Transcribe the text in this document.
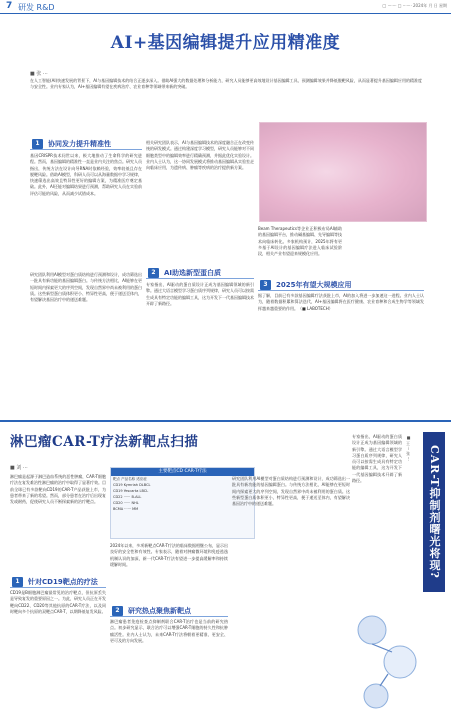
7 研发 R&D	□ ······· □ ······· 2024年 月 日 星期
AI+基因编辑提升应用精准度
■ 张 ···
在人工智能(AI)快速发展的背景下，AI与基因编辑技术的结合正逐步深入。借助AI强大的数据处理和分析能力，研究人员能够更高效地设计基因编辑工具、预测编辑效果并降低脱靶风险，从而显著提升基因编辑应用的精准度与安全性。业内专家认为，AI+基因编辑有望在疾病治疗、农业育种等领域带来新的突破。
1	协同发力提升精准性
基因CRISPR技术问世以来，极大地推动了生命科学的研究进程。然而，基因编辑的精准性一直是业内关注的焦点。研究人员指出，传统方法在设计向导RNA时依赖经验，效率较低且存在脱靶风险。借助AI模型，科研人员可以从海量数据中学习规律，快速筛选出高效且特异性更好的编辑方案，为精准医疗奠定基础。此外，AI还能对编辑结果进行预测，帮助研究人员在实验前评估可能的风险，从而减少试错成本。
相关研究团队表示，AI与基因编辑技术的深度融合正在改变传统的研发模式。通过构建深度学习模型，研究人员能够对不同细胞类型中的编辑效率进行精确预测，并据此优化实验设计。业内人士认为，这一协同发展模式将推动基因编辑从实验室走向临床应用，为遗传病、肿瘤等疾病的治疗提供新方案。
2	AI助选新型蛋白质
研究团队利用AI模型对蛋白质结构进行预测和设计，成功筛选出一批具有新功能的基因编辑蛋白。与传统方法相比，AI能够在更短时间内探索更大的序列空间，发现自然界中尚未被利用的蛋白质。这些新型蛋白质体积更小、特异性更高，便于递送至体内，有望解决基因治疗中的递送难题。
专家指出，AI驱动的蛋白质设计正成为基因编辑领域的新引擎。通过大语言模型学习蛋白质序列规律，研究人员可以按需生成具有特定功能的编辑工具，这为开发下一代基因编辑技术开辟了新路径。
Beam Therapeutics等企业正积极布局AI辅助的基因编辑平台，推动碱基编辑、先导编辑等技术向临床转化。多家机构预计，2025年将有更多基于AI设计的基因编辑疗法进入临床试验阶段，相关产业有望迎来规模化应用。
3	2025年有望大规模应用
据了解，目前已有多款基因编辑疗法获批上市，AI的加入将进一步加速这一进程。业内人士认为，随着数据积累和算法迭代，AI+基因编辑将在医疗健康、农业育种和合成生物学等领域发挥越来越重要的作用。（■ LABOTECH）
淋巴瘤CAR-T疗法新靶点扫描
■ 刘 ···
主要靶点CD CAR-T疗法
靶点 产品名称 适应症
CD19 Kymriah DLBCL
CD19 Yescarta LBCL
CD22 ······ B-ALL
CD20 ······ NHL
BCMA ······ MM
淋巴瘤是起源于淋巴造血系统的恶性肿瘤，CAR-T细胞疗法在复发难治性淋巴瘤的治疗中取得了显著疗效。目前全球已有多款靶向CD19的CAR-T产品获批上市，为患者带来了新的希望。然而，部分患者在治疗后出现复发或耐药，促使研究人员不断探索新的治疗靶点。
1	针对CD19靶点的疗法
CD19是B细胞淋巴瘤最常见的治疗靶点，但抗原丢失是导致复发的重要原因之一。为此，研究人员正在开发靶向CD22、CD20等其他抗原的CAR-T疗法，以及同时靶向多个抗原的双靶点CAR-T，以期降低复发风险。
2024年以来，多项新靶点CAR-T疗法的临床数据相继公布，显示出良好的安全性和有效性。专家表示，随着对肿瘤微环境和免疫逃逸机制认识的加深，新一代CAR-T疗法有望进一步提高缓解率和持续缓解时间。
2	研究热点聚焦新靶点
淋巴瘤患者免疫检查点抑制剂联合CAR-T治疗也是当前的研究热点。初步研究显示，联合治疗可以增强CAR-T细胞的持久性和抗肿瘤活性。业内人士认为，未来CAR-T疗法将朝着更精准、更安全、更可及的方向发展。
研究团队利用AI模型对蛋白质结构进行预测和设计，成功筛选出一批具有新功能的基因编辑蛋白。与传统方法相比，AI能够在更短时间内探索更大的序列空间，发现自然界中尚未被利用的蛋白质。这些新型蛋白质体积更小、特异性更高，便于递送至体内，有望解决基因治疗中的递送难题。
专家指出，AI驱动的蛋白质设计正成为基因编辑领域的新引擎。通过大语言模型学习蛋白质序列规律，研究人员可以按需生成具有特定功能的编辑工具，这为开发下一代基因编辑技术开辟了新路径。
■ 王 ··· 张 ···	CAR-T抑制剂曙光将现?
